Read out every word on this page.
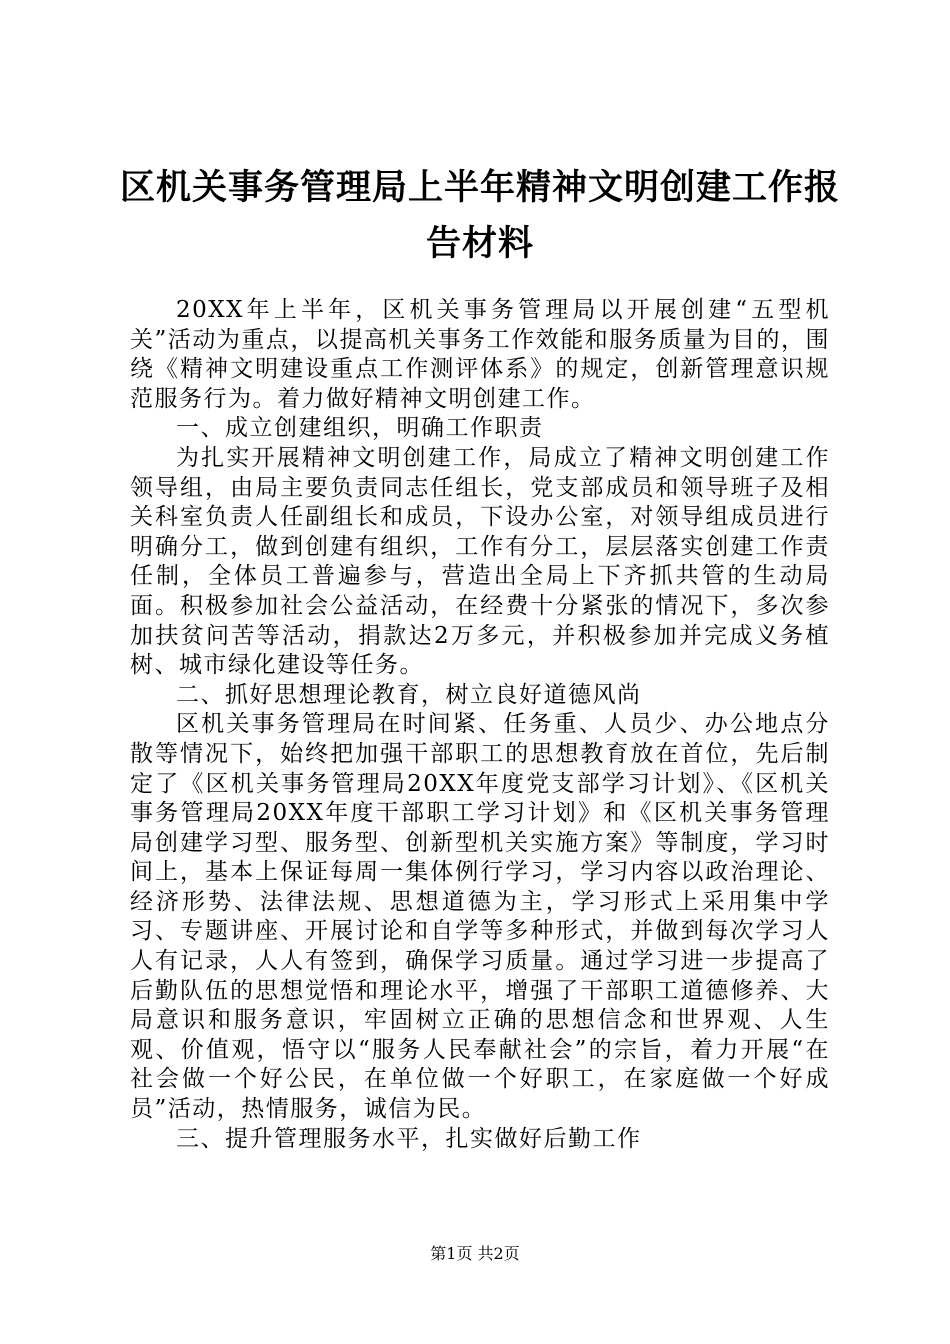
区机关事务管理局上半年精神文明创建工作报告材料

20XX年上半年，区机关事务管理局以开展创建“五型机关”活动为重点，以提高机关事务工作效能和服务质量为目的，围绕《精神文明建设重点工作测评体系》的规定，创新管理意识规范服务行为。着力做好精神文明创建工作。

一、成立创建组织，明确工作职责

为扎实开展精神文明创建工作，局成立了精神文明创建工作领导组，由局主要负责同志任组长，党支部成员和领导班子及相关科室负责人任副组长和成员，下设办公室，对领导组成员进行明确分工，做到创建有组织，工作有分工，层层落实创建工作责任制，全体员工普遍参与，营造出全局上下齐抓共管的生动局面。积极参加社会公益活动，在经费十分紧张的情况下，多次参加扶贫问苦等活动，捐款达2万多元，并积极参加并完成义务植树、城市绿化建设等任务。

二、抓好思想理论教育，树立良好道德风尚

区机关事务管理局在时间紧、任务重、人员少、办公地点分散等情况下，始终把加强干部职工的思想教育放在首位，先后制定了《区机关事务管理局20XX年度党支部学习计划》、《区机关事务管理局20XX年度干部职工学习计划》和《区机关事务管理局创建学习型、服务型、创新型机关实施方案》等制度，学习时间上，基本上保证每周一集体例行学习，学习内容以政治理论、经济形势、法律法规、思想道德为主，学习形式上采用集中学习、专题讲座、开展讨论和自学等多种形式，并做到每次学习人人有记录，人人有签到，确保学习质量。通过学习进一步提高了后勤队伍的思想觉悟和理论水平，增强了干部职工道德修养、大局意识和服务意识，牢固树立正确的思想信念和世界观、人生观、价值观，悟守以“服务人民奉献社会”的宗旨，着力开展“在社会做一个好公民，在单位做一个好职工，在家庭做一个好成员”活动，热情服务，诚信为民。

三、提升管理服务水平，扎实做好后勤工作

第1页 共2页
